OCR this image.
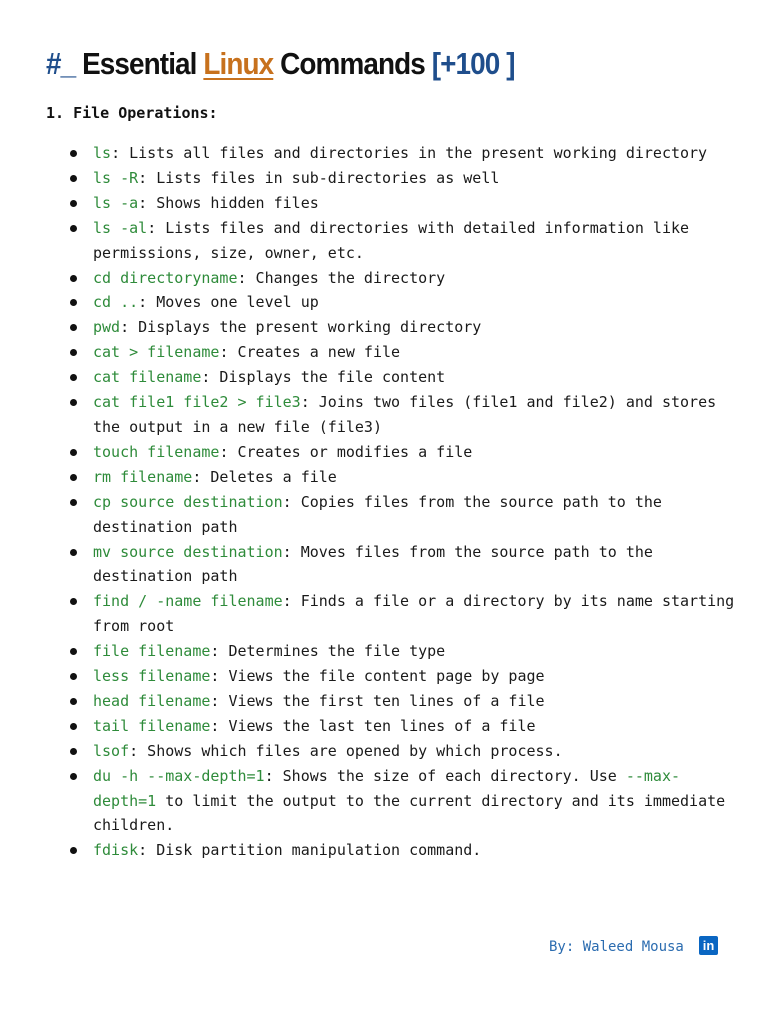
#_ Essential Linux Commands [+100 ]
1. File Operations:
ls: Lists all files and directories in the present working directory
ls -R: Lists files in sub-directories as well
ls -a: Shows hidden files
ls -al: Lists files and directories with detailed information like permissions, size, owner, etc.
cd directoryname: Changes the directory
cd ..: Moves one level up
pwd: Displays the present working directory
cat > filename: Creates a new file
cat filename: Displays the file content
cat file1 file2 > file3: Joins two files (file1 and file2) and stores the output in a new file (file3)
touch filename: Creates or modifies a file
rm filename: Deletes a file
cp source destination: Copies files from the source path to the destination path
mv source destination: Moves files from the source path to the destination path
find / -name filename: Finds a file or a directory by its name starting from root
file filename: Determines the file type
less filename: Views the file content page by page
head filename: Views the first ten lines of a file
tail filename: Views the last ten lines of a file
lsof: Shows which files are opened by which process.
du -h --max-depth=1: Shows the size of each directory. Use --max-depth=1 to limit the output to the current directory and its immediate children.
fdisk: Disk partition manipulation command.
By: Waleed Mousa in
